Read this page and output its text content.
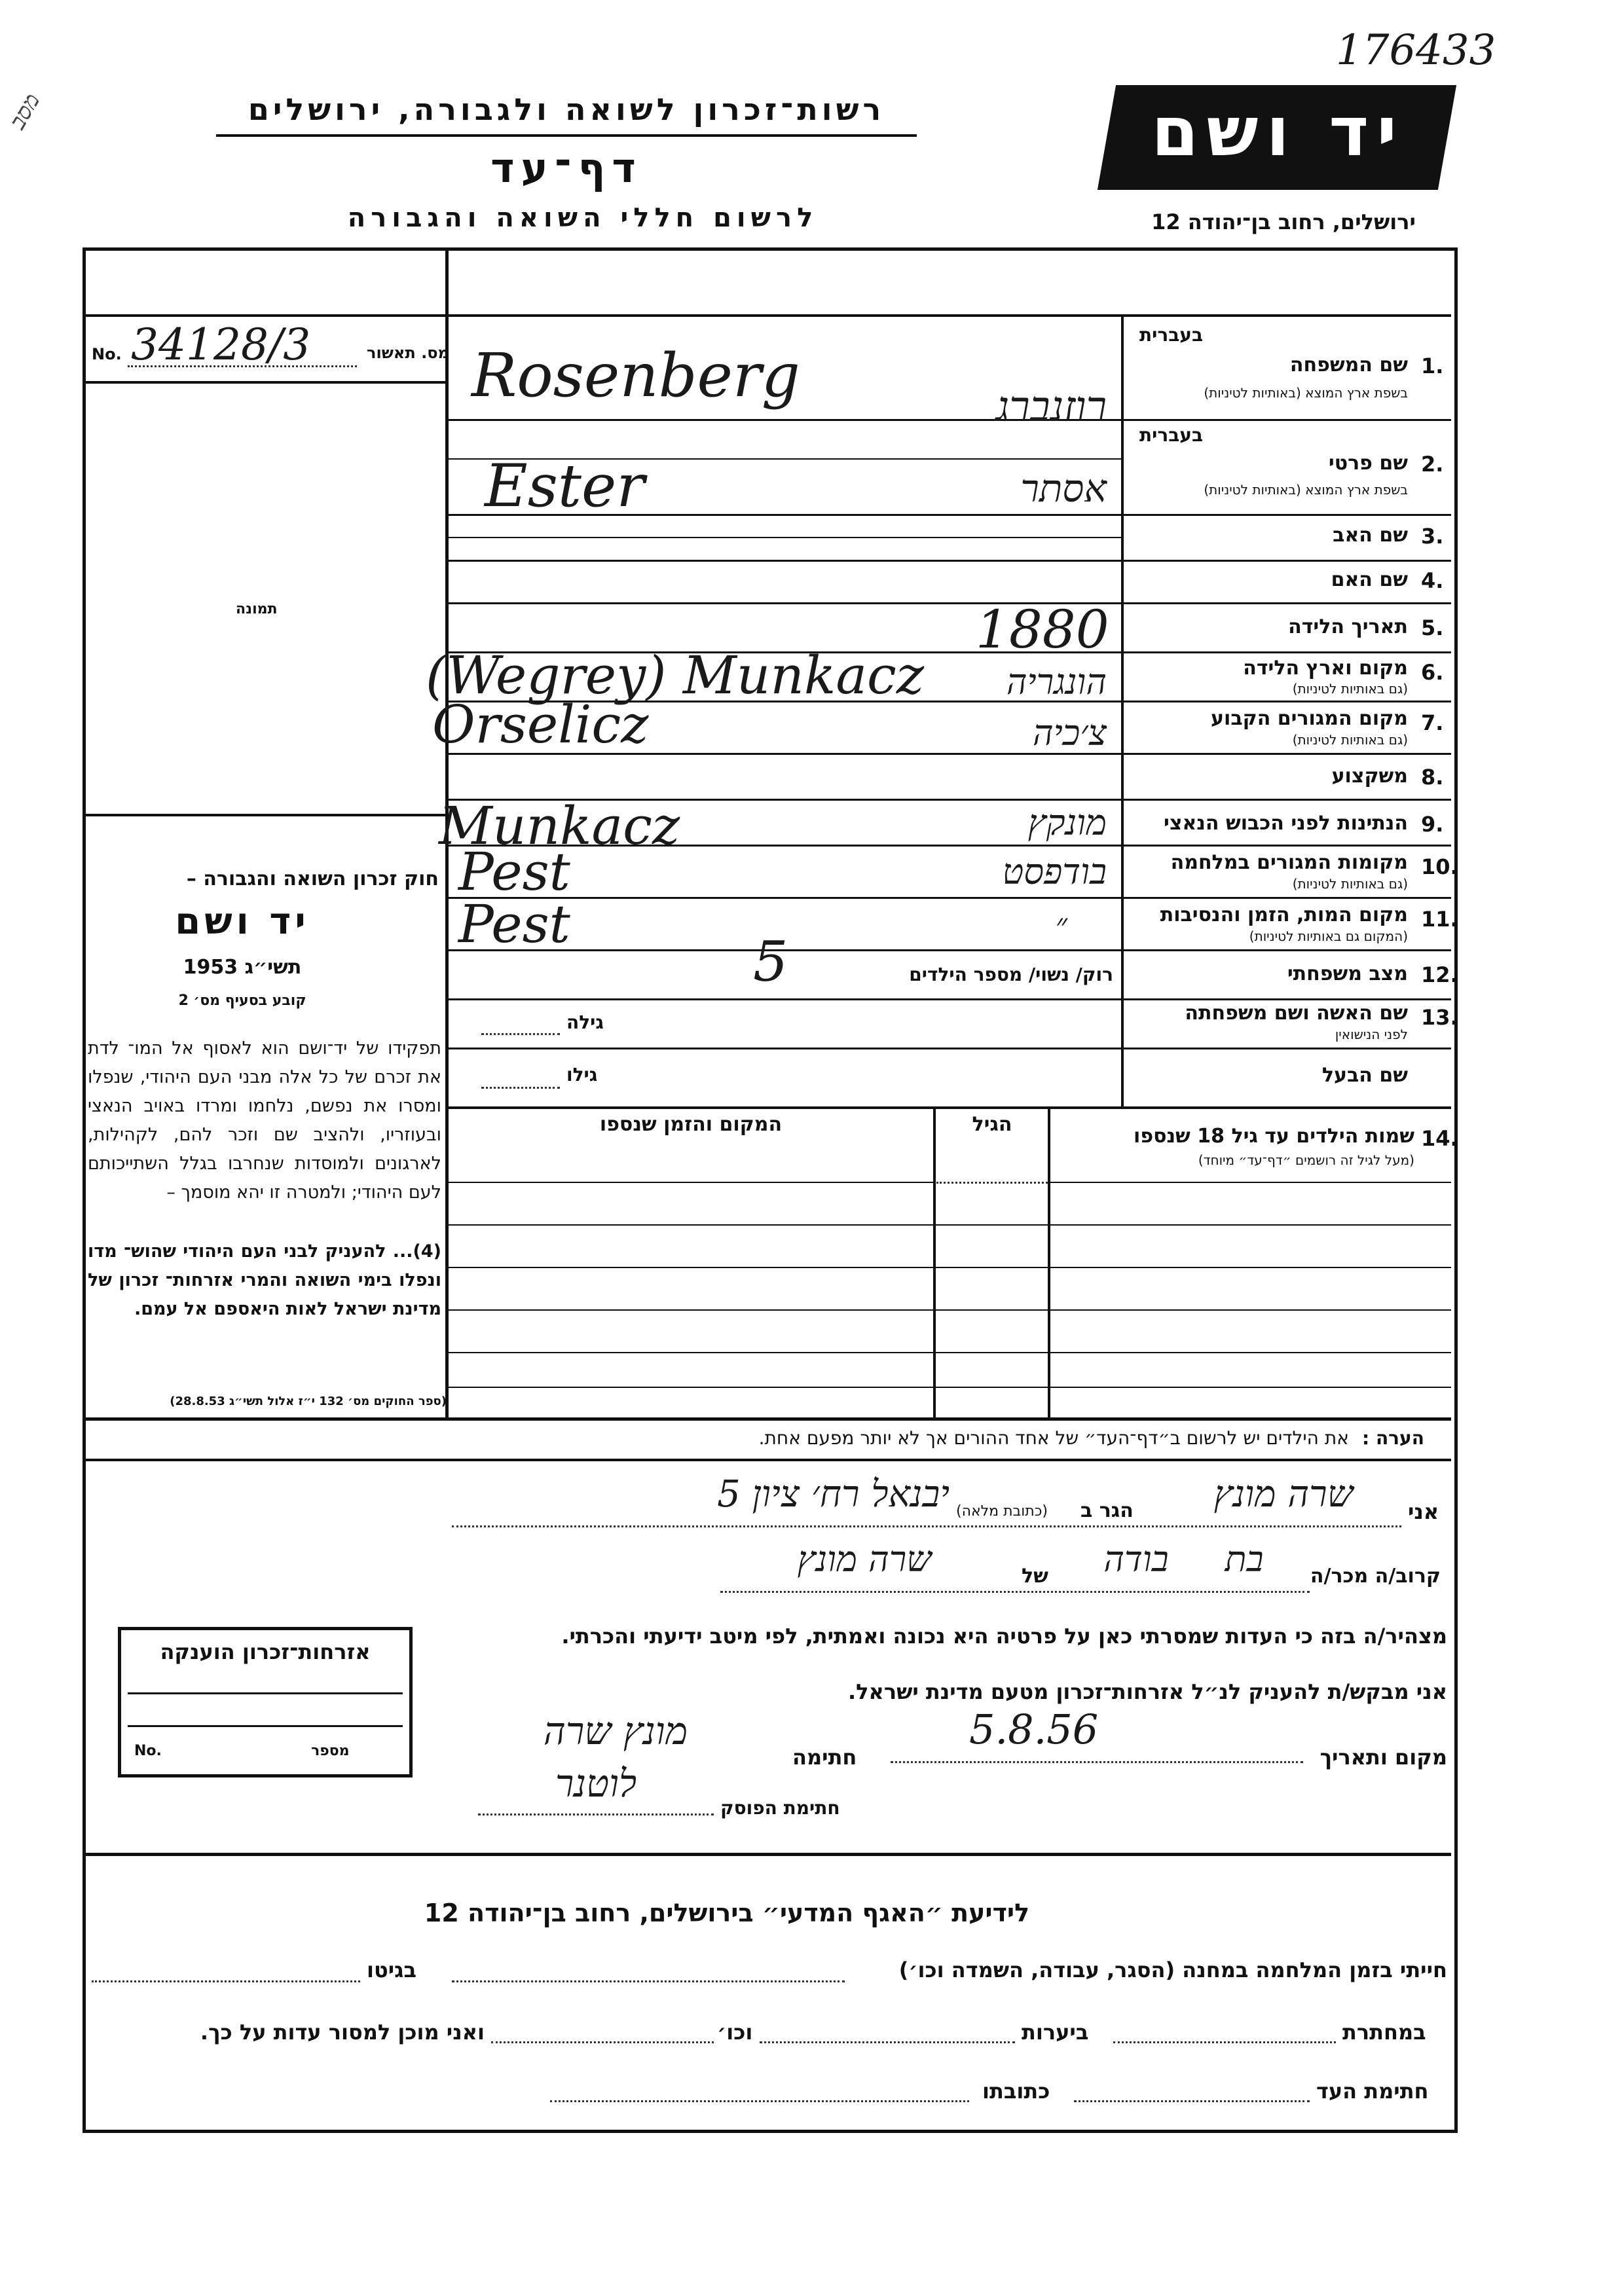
176433
מסב	רשות־זכרון לשואה ולגבורה, ירושלים
דף־עד
לרשום חללי השואה והגבורה
יד ושם
ירושלים, רחוב בן־יהודה 12
מס. תאשור
No. 34128/3
תמונה
חוק זכרון השואה והגבורה –
יד ושם
תשי״ג 1953
קובע בסעיף מס׳ 2
תפקידו של יד־ושם הוא לאסוף אל המו־ לדת את זכרם של כל אלה מבני העם היהודי, שנפלו ומסרו את נפשם, נלחמו ומרדו באויב הנאצי ובעוזריו, ולהציב שם וזכר להם, לקהילות, לארגונים ולמוסדות שנחרבו בגלל השתייכותם לעם היהודי; ולמטרה זו יהא מוסמך –
(4)... להעניק לבני העם היהודי שהוש־ מדו ונפלו בימי השואה והמרי אזרחות־ זכרון של מדינת ישראל לאות היאספם אל עמם.
(ספר החוקים מס׳ 132 י״ז אלול תשי״ג 28.8.53)
בעברית
1.
שם המשפחה
בשפת ארץ המוצא (באותיות לטיניות)
Rosenberg	רוזנברג
בעברית
2.
שם פרטי
בשפת ארץ המוצא (באותיות לטיניות)
Ester	אסתר
3.
שם האב
4.
שם האם
5.
תאריך הלידה
1880
6.
מקום וארץ הלידה
(גם באותיות לטיניות)
(Wegrey) Munkacz	הונגריה
7.
מקום המגורים הקבוע
(גם באותיות לטיניות)
Orselicz	צ׳כיה
8.
משקצוע
9.
הנתינות לפני הכבוש הנאצי
Munkacz	מונקץ
10.
מקומות המגורים במלחמה
(גם באותיות לטיניות)
Pest	בודפסט
11.
מקום המות, הזמן והנסיבות
(המקום גם באותיות לטיניות)
Pest	״
12.
מצב משפחתי
רוק/ נשוי/ מספר הילדים
5
13.
שם האשה ושם משפחתה
לפני הנישואין
גילה
שם הבעל
גילו
14.
שמות הילדים עד גיל 18 שנספו
(מעל לגיל זה רושמים ״דף־עד״ מיוחד)
הגיל
המקום והזמן שנספו
הערה :
את הילדים יש לרשום ב״דף־העד״ של אחד ההורים אך לא יותר מפעם אחת.
אני
שרה מונץ
הגר ב
(כתובת מלאה)
יבנאל רח׳ ציון 5
קרוב/ה מכר/ה
בת
בודה
של
שרה מונץ
מצהיר/ה בזה כי העדות שמסרתי כאן על פרטיה היא נכונה ואמתית, לפי מיטב ידיעתי והכרתי.
אני מבקש/ת להעניק לנ״ל אזרחות־זכרון מטעם מדינת ישראל.
מקום ותאריך
5.8.56
חתימה
מונץ שרה
חתימת הפוסק
לוטנר
אזרחות־זכרון הוענקה
מספר
No.
לידיעת ״האגף המדעי״ בירושלים, רחוב בן־יהודה 12
חייתי בזמן המלחמה במחנה (הסגר, עבודה, השמדה וכו׳)
בגיטו
במחתרת
ביערות
וכו׳
ואני מוכן למסור עדות על כך.
חתימת העד
כתובתו
